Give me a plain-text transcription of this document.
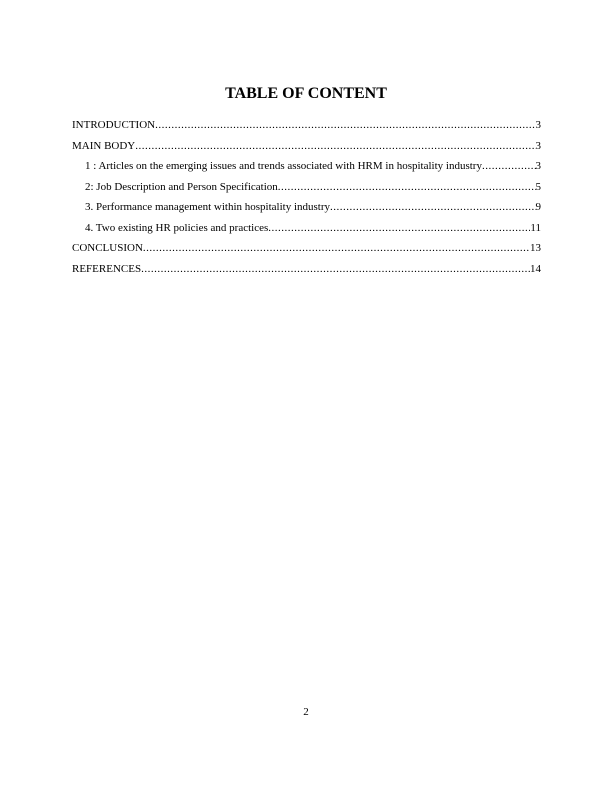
TABLE OF CONTENT
INTRODUCTION .....	3
MAIN BODY .....	3
1 : Articles on the emerging issues and trends associated with HRM in hospitality industry .....	3
2: Job Description and Person Specification .....	5
3. Performance management within hospitality industry .....	9
4. Two existing HR policies and practices .....	11
CONCLUSION .....	13
REFERENCES .....	14
2
